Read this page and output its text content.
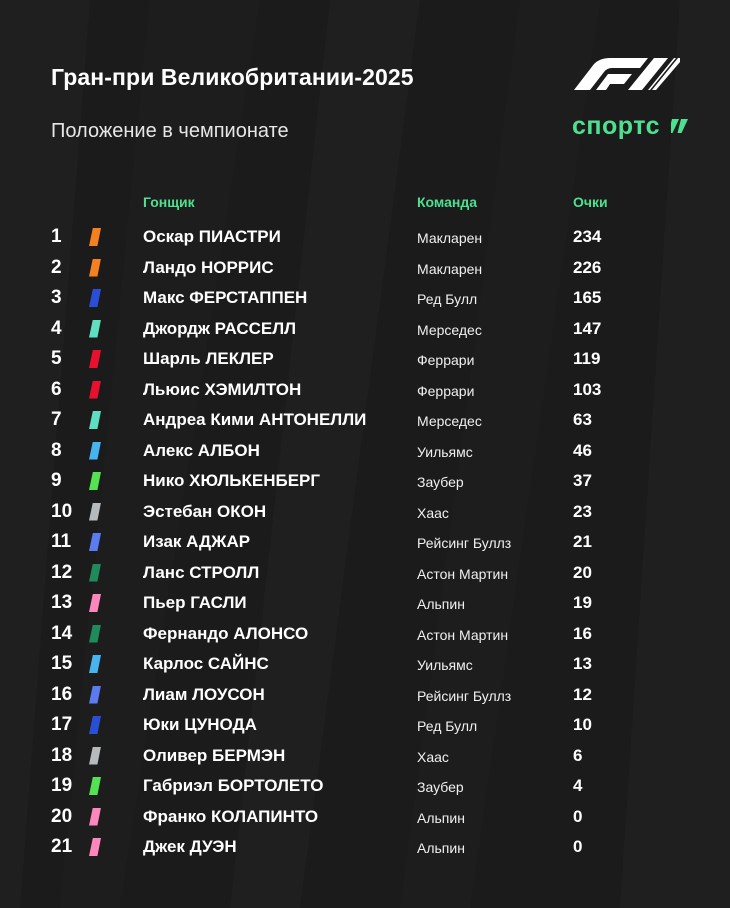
Гран-при Великобритании-2025
Положение в чемпионате	спортс
Гонщик	Команда	Очки
1	Оскар ПИАСТРИ	Макларен	234
2	Ландо НОРРИС	Макларен	226
3	Макс ФЕРСТАППЕН	Ред Булл	165
4	Джордж РАССЕЛЛ	Мерседес	147
5	Шарль ЛЕКЛЕР	Феррари	119
6	Льюис ХЭМИЛТОН	Феррари	103
7	Андреа Кими АНТОНЕЛЛИ	Мерседес	63
8	Алекс АЛБОН	Уильямс	46
9	Нико ХЮЛЬКЕНБЕРГ	Заубер	37
10	Эстебан ОКОН	Хаас	23
11	Изак АДЖАР	Рейсинг Буллз	21
12	Ланс СТРОЛЛ	Астон Мартин	20
13	Пьер ГАСЛИ	Альпин	19
14	Фернандо АЛОНСО	Астон Мартин	16
15	Карлос САЙНС	Уильямс	13
16	Лиам ЛОУСОН	Рейсинг Буллз	12
17	Юки ЦУНОДА	Ред Булл	10
18	Оливер БЕРМЭН	Хаас	6
19	Габриэл БОРТОЛЕТО	Заубер	4
20	Франко КОЛАПИНТО	Альпин	0
21	Джек ДУЭН	Альпин	0
